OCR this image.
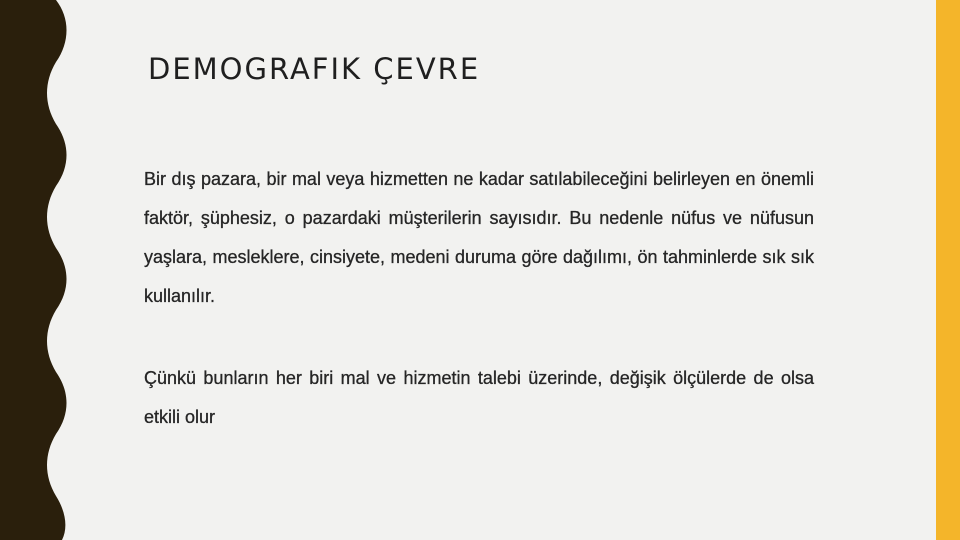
DEMOGRAFIK ÇEVRE

Bir dış pazara, bir mal veya hizmetten ne kadar satılabileceğini belirleyen en önemli faktör, şüphesiz, o pazardaki müşterilerin sayısıdır. Bu nedenle nüfus ve nüfusun yaşlara, mesleklere, cinsiyete, medeni duruma göre dağılımı, ön tahminlerde sık sık kullanılır.

Çünkü bunların her biri mal ve hizmetin talebi üzerinde, değişik ölçülerde de olsa etkili olur
